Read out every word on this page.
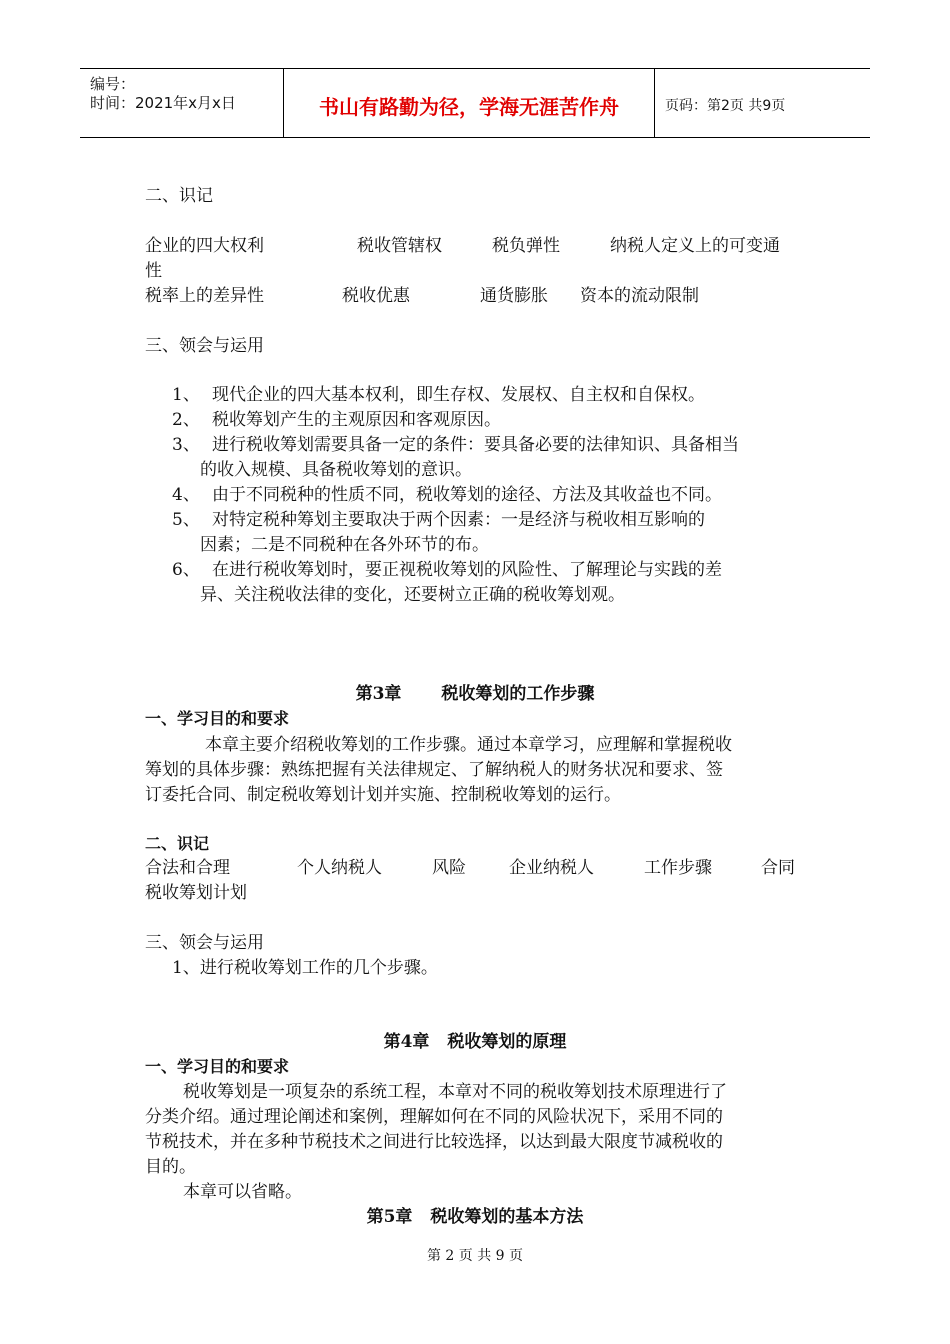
编号：
时间：2021年x月x日	书山有路勤为径，学海无涯苦作舟	页码：第2页 共9页
二、识记
企业的四大权利	税收管辖权	税负弹性	纳税人定义上的可变通
性
税率上的差异性	税收优惠	通货膨胀 资本的流动限制
三、领会与运用
1、 现代企业的四大基本权利，即生存权、发展权、自主权和自保权。
2、 税收筹划产生的主观原因和客观原因。
3、 进行税收筹划需要具备一定的条件：要具备必要的法律知识、具备相当
的收入规模、具备税收筹划的意识。
4、 由于不同税种的性质不同，税收筹划的途径、方法及其收益也不同。
5、 对特定税种筹划主要取决于两个因素：一是经济与税收相互影响的
因素；二是不同税种在各外环节的布。
6、 在进行税收筹划时，要正视税收筹划的风险性、了解理论与实践的差
异、关注税收法律的变化，还要树立正确的税收筹划观。
第3章 税收筹划的工作步骤
一、学习目的和要求
本章主要介绍税收筹划的工作步骤。通过本章学习，应理解和掌握税收
筹划的具体步骤：熟练把握有关法律规定、了解纳税人的财务状况和要求、签
订委托合同、制定税收筹划计划并实施、控制税收筹划的运行。
二、识记
合法和合理	个人纳税人	风险	企业纳税人	工作步骤	合同
税收筹划计划
三、领会与运用
1、进行税收筹划工作的几个步骤。
第4章 税收筹划的原理
一、学习目的和要求
税收筹划是一项复杂的系统工程，本章对不同的税收筹划技术原理进行了
分类介绍。通过理论阐述和案例，理解如何在不同的风险状况下，采用不同的
节税技术，并在多种节税技术之间进行比较选择，以达到最大限度节减税收的
目的。
本章可以省略。
第5章 税收筹划的基本方法
第 2 页 共 9 页
